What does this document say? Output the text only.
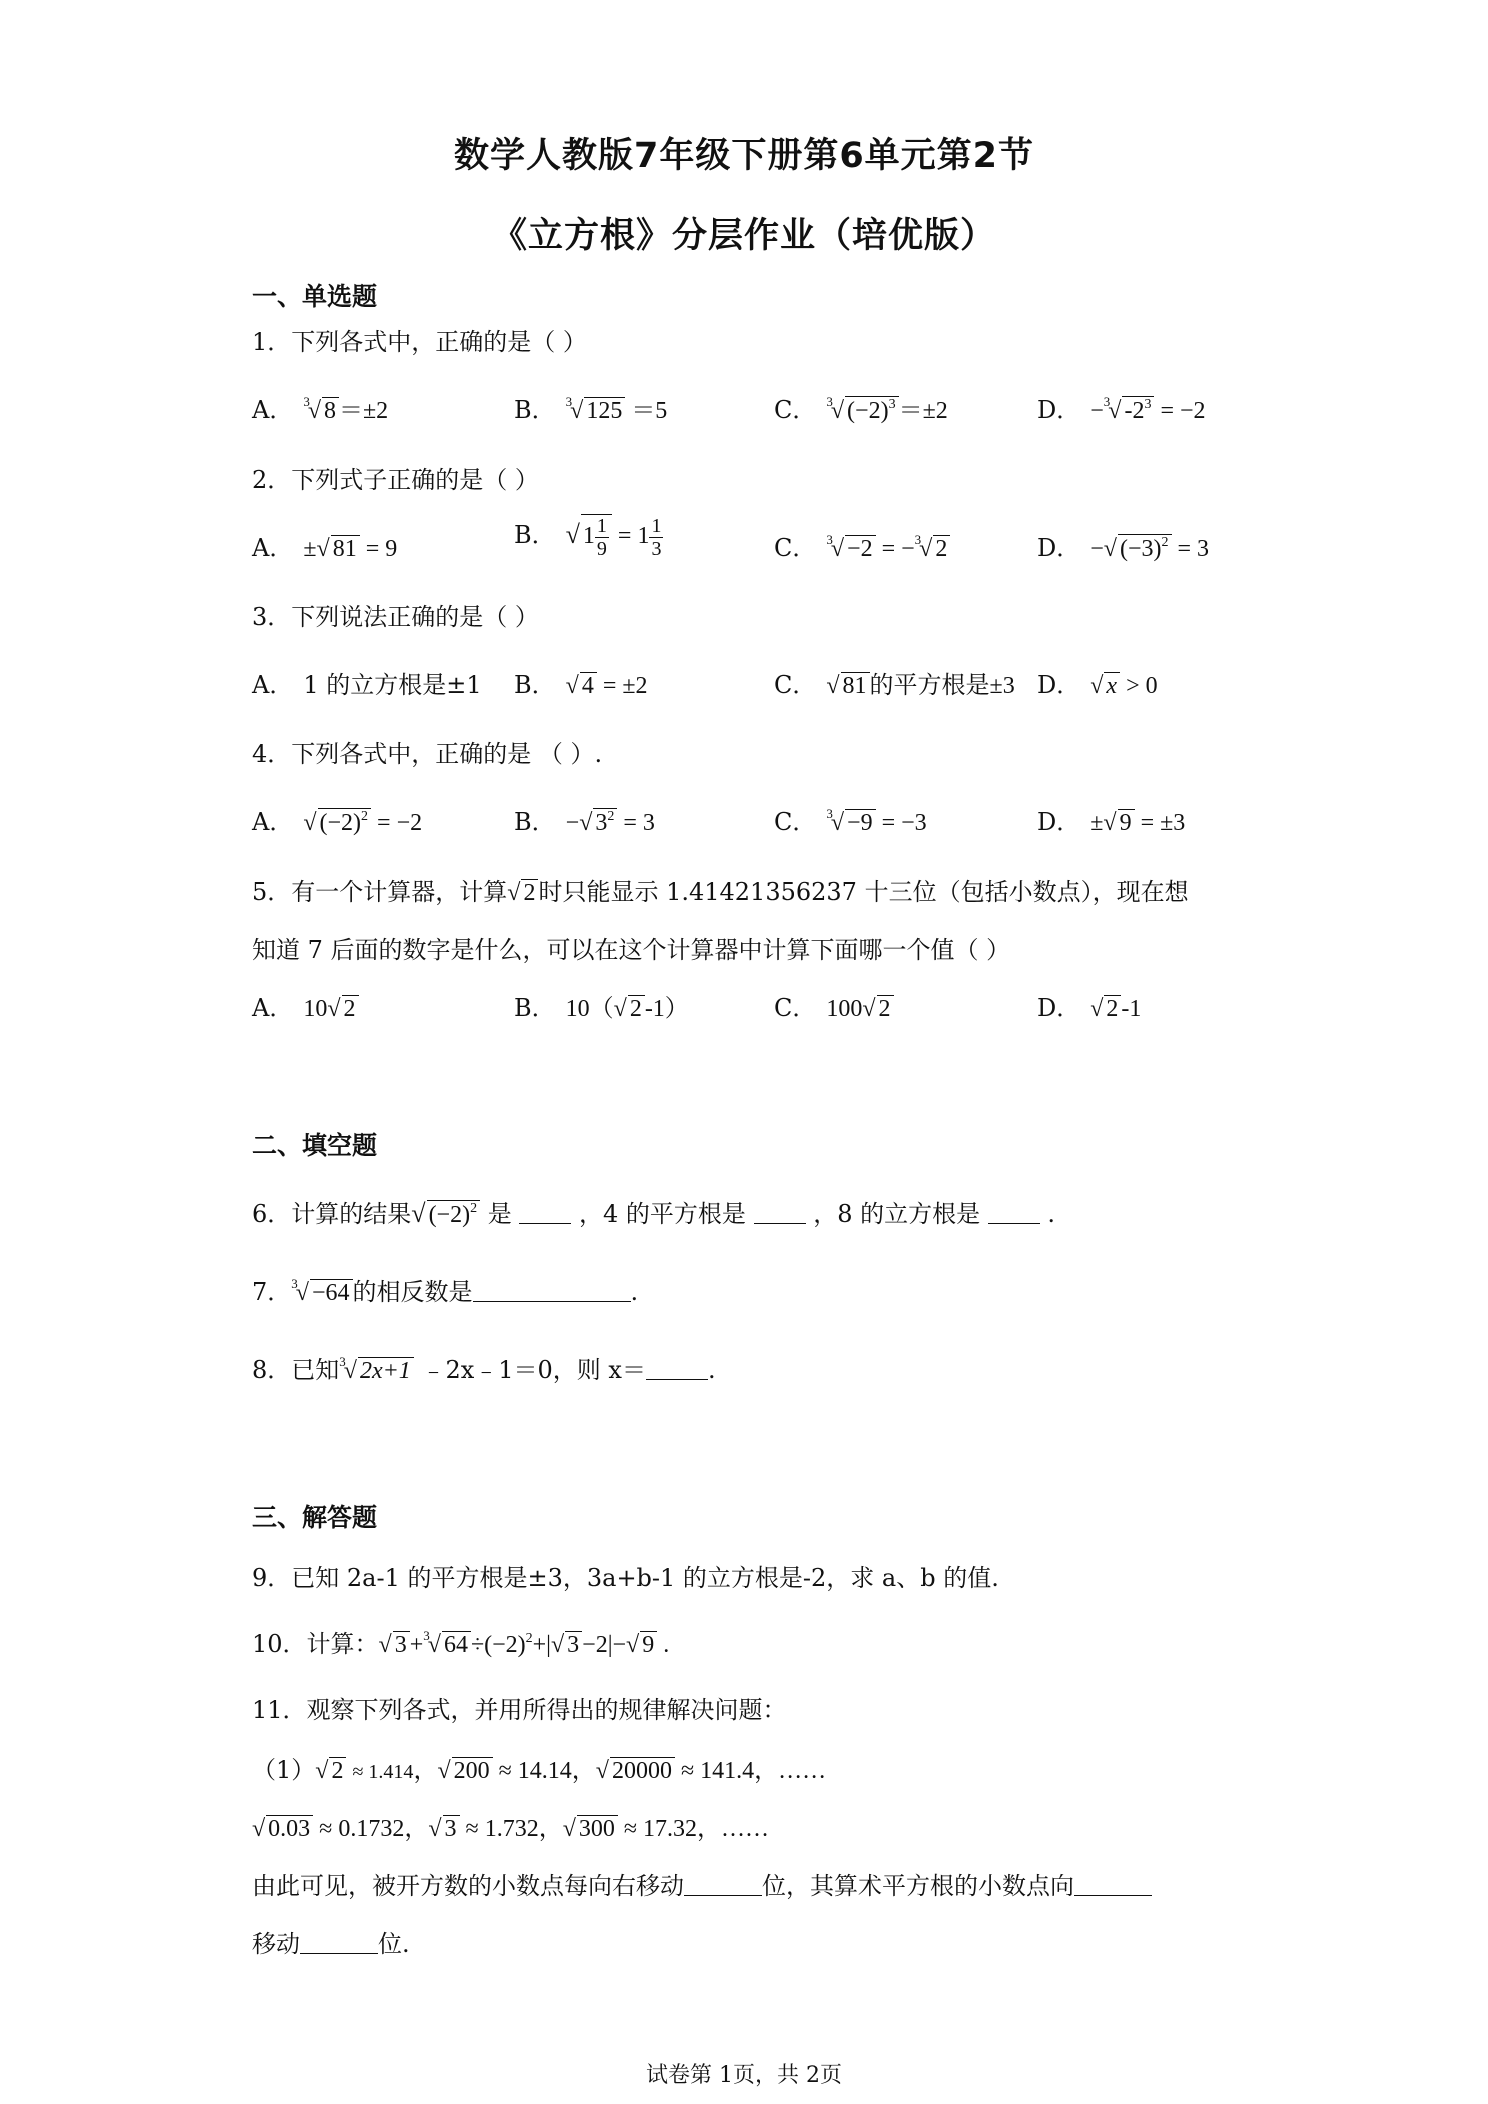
数学人教版7年级下册第6单元第2节
《立方根》分层作业（培优版）
一、单选题
1．下列各式中，正确的是（ ）
A． $^3$√ 8 ＝±2	B． $^3$√ 125 ＝5	C． $^3$√ $(-2)^3 =\pm 2$	D． −$^3$√ $-2^3 = -2$
2．下列式子正确的是（ ）
A． ±√ 81 = 9	B． √ $1 \frac{1}{9} = 1 \frac{1}{3}$	C． $^3$√ −2 = −$^3$√ 2	D． −√ $(-3)^2 = 3$
3．下列说法正确的是（ ）
A． 1 的立方根是±1 B． √ 4 = ±2	C． √ 81 的平方根是±3 D． √ x > 0
4．下列各式中，正确的是 （ ）.
A． √ $(-2)^2 = -2$	B． −√ $3^2 = 3$	C． $^3$√ −9 = −3	D． ±√ 9 = ±3
5．有一个计算器，计算√ 2 时只能显示 1.41421356237 十三位（包括小数点），现在想
知道 7 后面的数字是什么，可以在这个计算器中计算下面哪一个值（ ）
A． 10√ 2	B． 10（√ 2 -1）	C． 100√ 2	D． √ 2 -1
二、填空题
6．计算的结果√ $(-2)^2$ 是	，4 的平方根是	，8 的立方根是	.
7．$^3$√ −64 的相反数是	.
8．已知$^3$√ 2x+1 ﹣2x﹣1＝0，则 x＝	.
三、解答题
9．已知 2a-1 的平方根是±3，3a+b-1 的立方根是-2，求 a、b 的值.
10．计算：√ 3 +$^3$√ $64 \div(-2)^2+|√$ 3 −2|−√ 9 .
11．观察下列各式，并用所得出的规律解决问题：
（1）√ 2 ≈ 1.414，√ 200 ≈ 14.14，√ 20000 ≈ 141.4，……
√ 0.03 ≈ 0.1732，√ 3 ≈ 1.732，√ 300 ≈ 17.32，……
由此可见，被开方数的小数点每向右移动	位，其算术平方根的小数点向
移动	位.
试卷第 1页，共 2页
